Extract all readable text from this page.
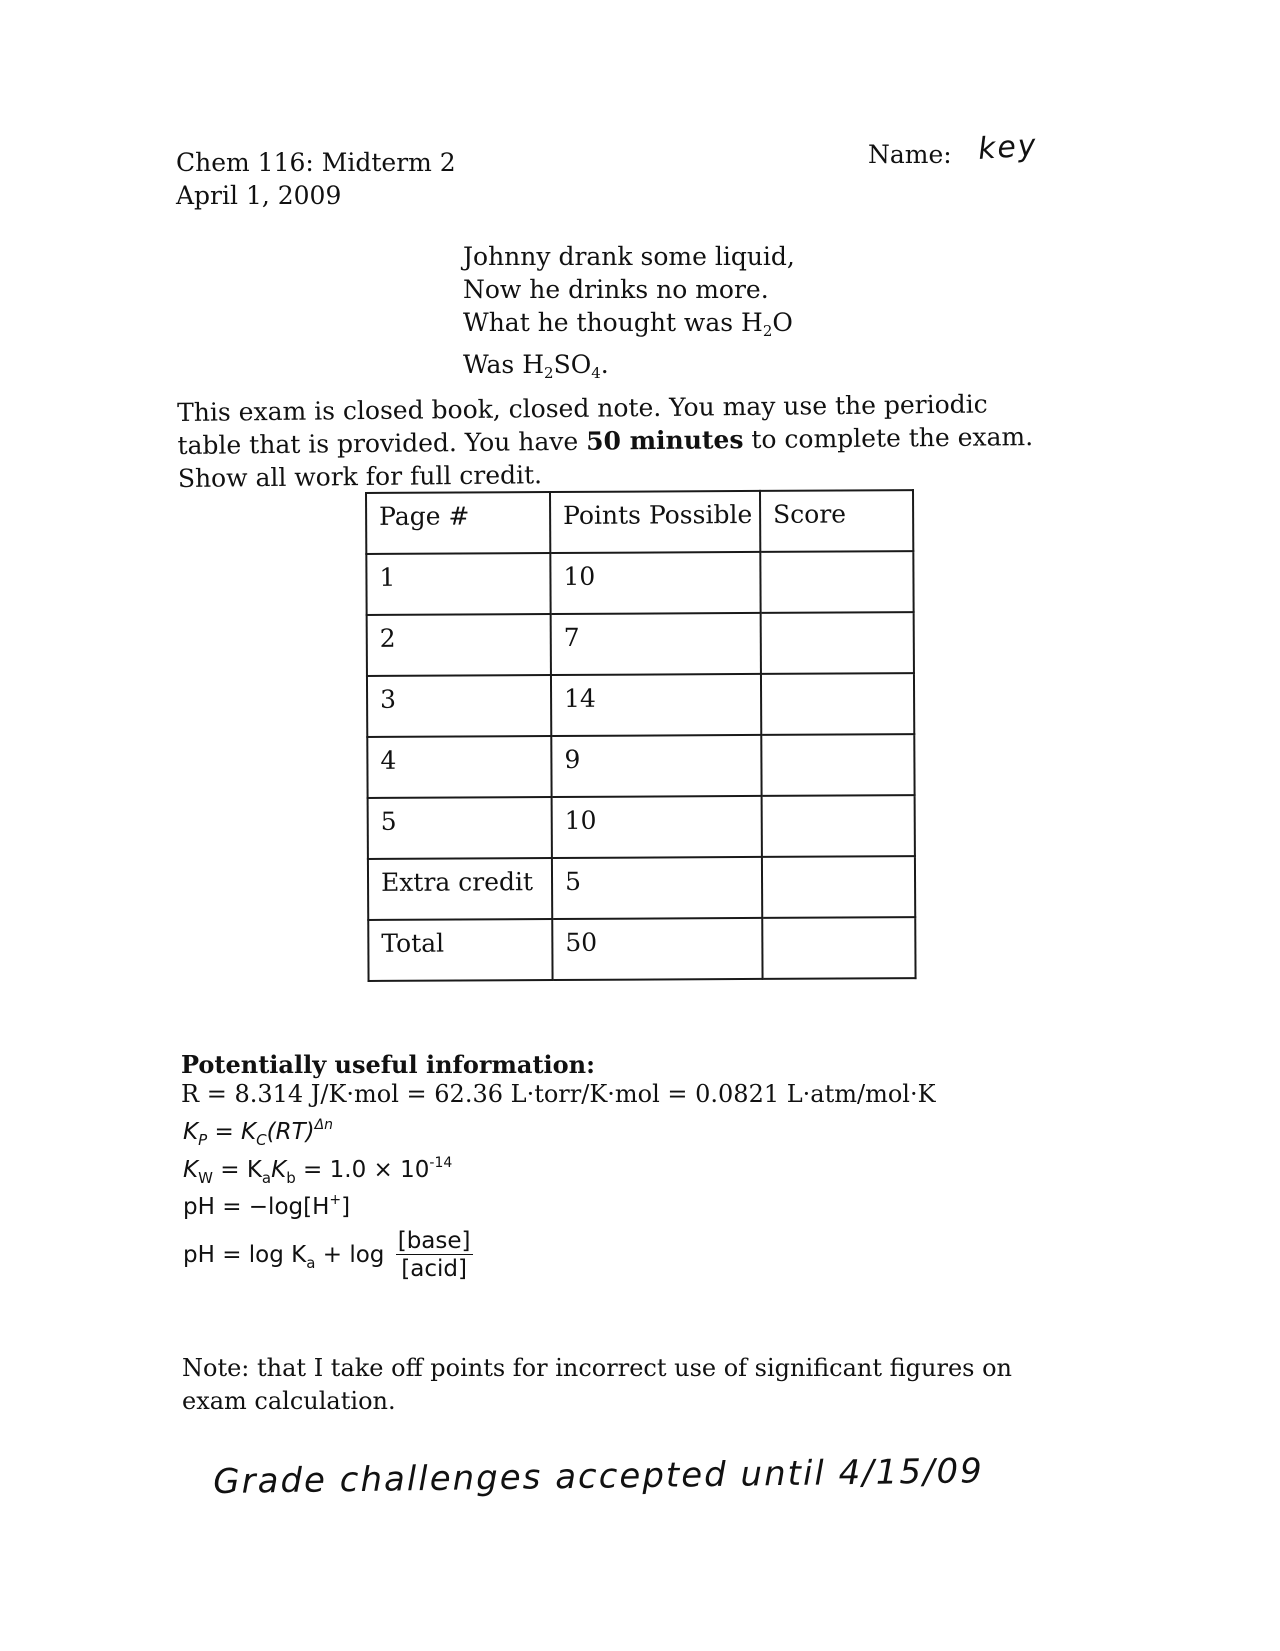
Chem 116: Midterm 2
April 1, 2009
Name: key
Johnny drank some liquid,
Now he drinks no more.
What he thought was $H_2O$
Was $H_2SO_4$.
This exam is closed book, closed note. You may use the periodic table that is provided. You have 50 minutes to complete the exam. Show all work for full credit.
Page #	Points Possible	Score
1	10	
2	7	
3	14	
4	9	
5	10	
Extra credit	5	
Total	50	
Potentially useful information:
R = 8.314 J/K·mol = 62.36 L·torr/K·mol = 0.0821 L·atm/mol·K
$K_P = K_C(RT)^{\Delta n}$
$K_W = K_aK_b = 1.0 \times 10^{-14}$
pH = −log[H+]
pH = $\log K_a + \log \frac{\text{[base]}}{\text{[acid]}}$
Note: that I take off points for incorrect use of significant figures on exam calculation.
Grade challenges accepted until 4/15/09
